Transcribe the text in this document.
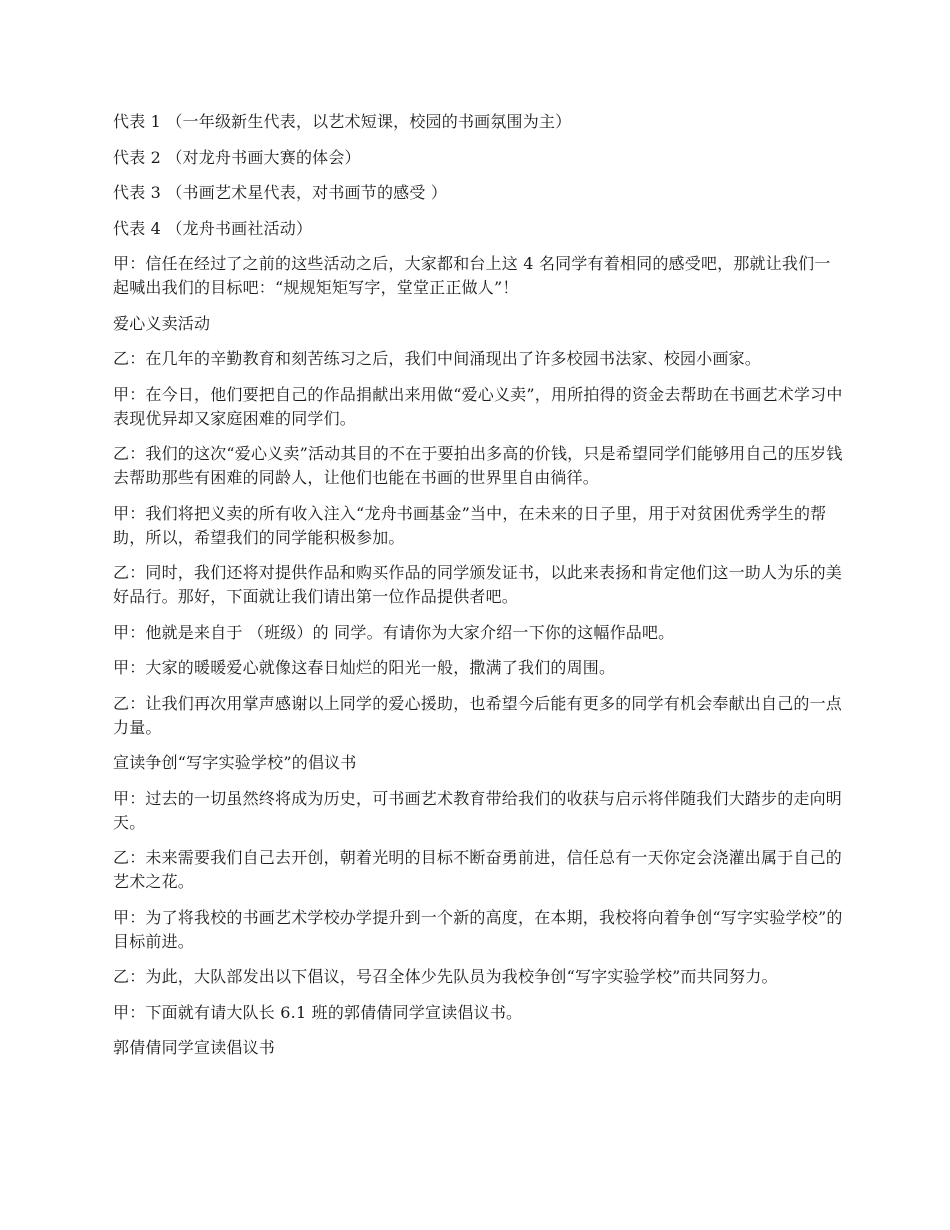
代表 1 （一年级新生代表，以艺术短课，校园的书画氛围为主）

代表 2 （对龙舟书画大赛的体会）

代表 3 （书画艺术星代表，对书画节的感受 ）

代表 4 （龙舟书画社活动）

甲：信任在经过了之前的这些活动之后，大家都和台上这 4 名同学有着相同的感受吧，那就让我们一起喊出我们的目标吧：“规规矩矩写字，堂堂正正做人”！

爱心义卖活动

乙：在几年的辛勤教育和刻苦练习之后，我们中间涌现出了许多校园书法家、校园小画家。

甲：在今日，他们要把自己的作品捐献出来用做“爱心义卖”，用所拍得的资金去帮助在书画艺术学习中表现优异却又家庭困难的同学们。

乙：我们的这次“爱心义卖”活动其目的不在于要拍出多高的价钱，只是希望同学们能够用自己的压岁钱去帮助那些有困难的同龄人，让他们也能在书画的世界里自由徜徉。

甲：我们将把义卖的所有收入注入“龙舟书画基金”当中，在未来的日子里，用于对贫困优秀学生的帮助，所以，希望我们的同学能积极参加。

乙：同时，我们还将对提供作品和购买作品的同学颁发证书，以此来表扬和肯定他们这一助人为乐的美好品行。那好，下面就让我们请出第一位作品提供者吧。

甲：他就是来自于 （班级）的 同学。有请你为大家介绍一下你的这幅作品吧。

甲：大家的暖暖爱心就像这春日灿烂的阳光一般，撒满了我们的周围。

乙：让我们再次用掌声感谢以上同学的爱心援助，也希望今后能有更多的同学有机会奉献出自己的一点力量。

宣读争创“写字实验学校”的倡议书

甲：过去的一切虽然终将成为历史，可书画艺术教育带给我们的收获与启示将伴随我们大踏步的走向明天。

乙：未来需要我们自己去开创，朝着光明的目标不断奋勇前进，信任总有一天你定会浇灌出属于自己的艺术之花。

甲：为了将我校的书画艺术学校办学提升到一个新的高度，在本期，我校将向着争创“写字实验学校”的目标前进。

乙：为此，大队部发出以下倡议，号召全体少先队员为我校争创“写字实验学校”而共同努力。

甲：下面就有请大队长 6.1 班的郭倩倩同学宣读倡议书。

郭倩倩同学宣读倡议书
